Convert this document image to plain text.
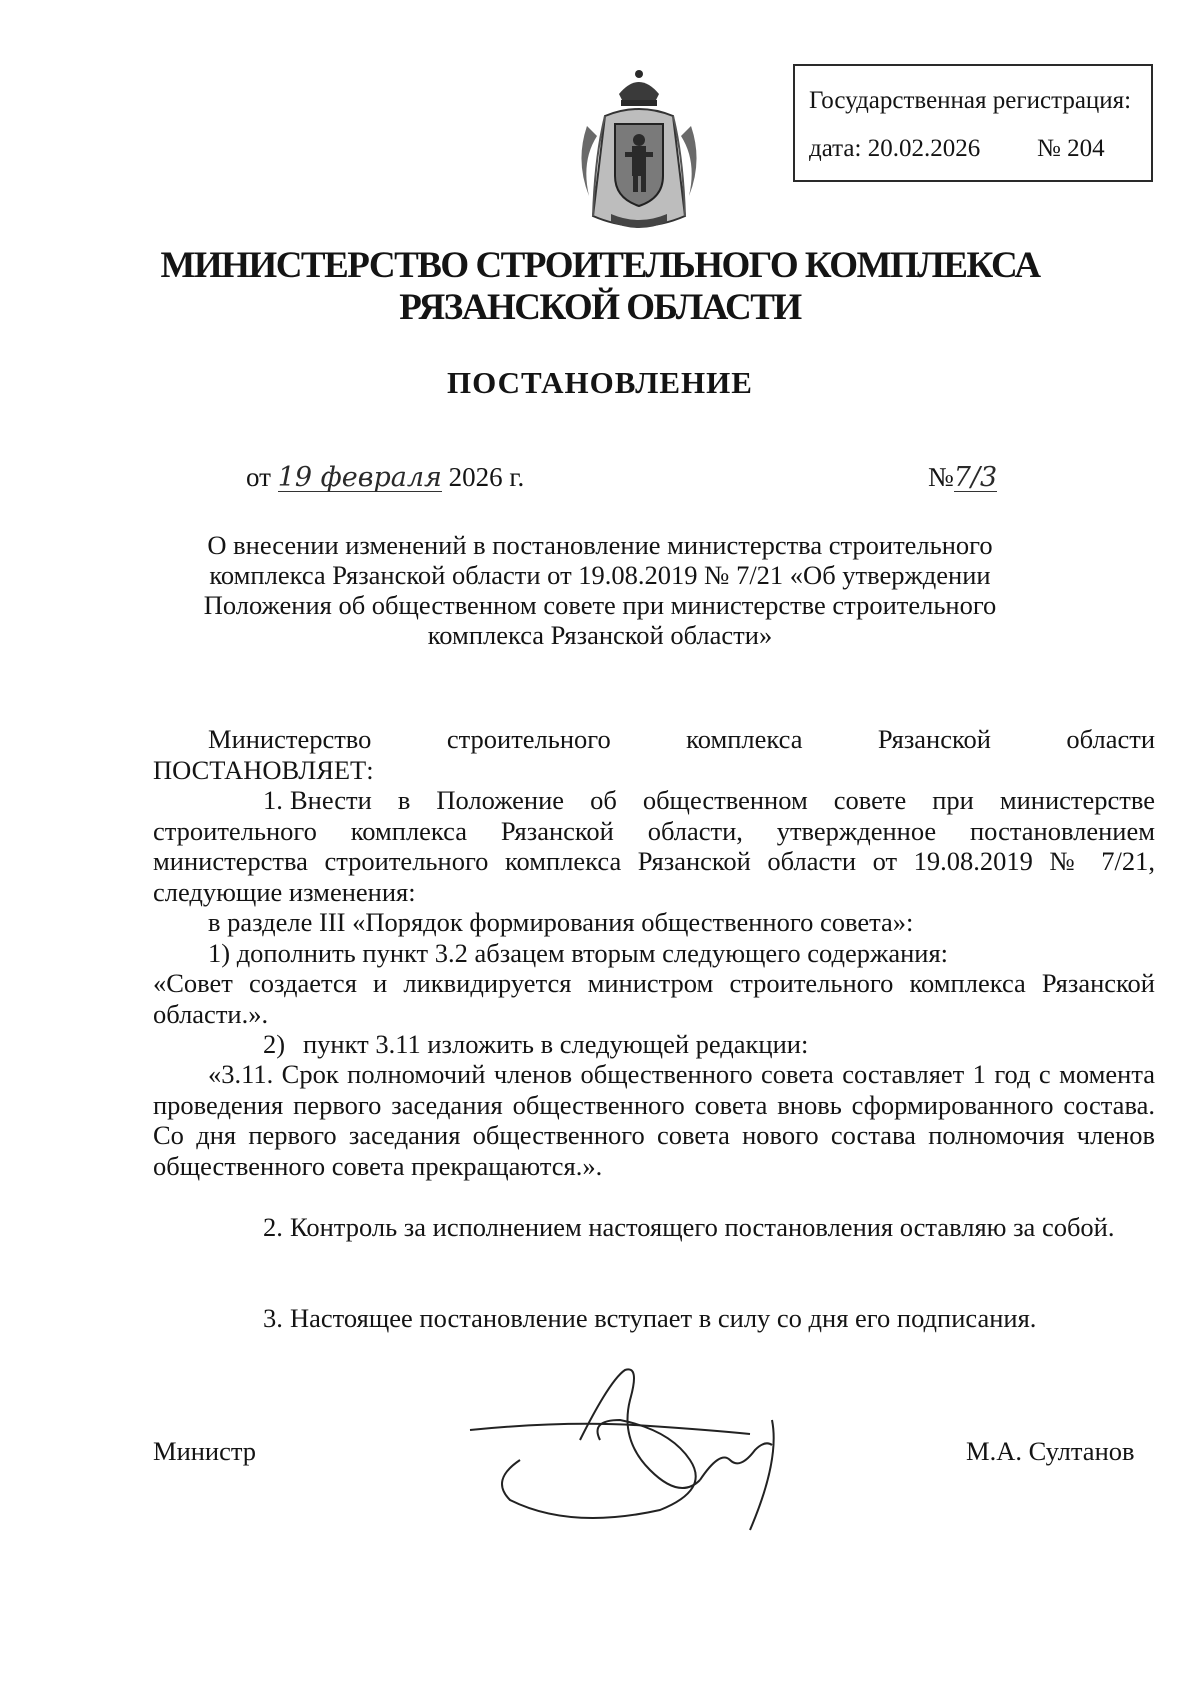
Государственная регистрация:
дата: 20.02.2026 № 204
МИНИСТЕРСТВО СТРОИТЕЛЬНОГО КОМПЛЕКСА
РЯЗАНСКОЙ ОБЛАСТИ
ПОСТАНОВЛЕНИЕ
от 19 февраля 2026 г.	№7/3
О внесении изменений в постановление министерства строительного комплекса Рязанской области от 19.08.2019 № 7/21 «Об утверждении Положения об общественном совете при министерстве строительного комплекса Рязанской области»

Министерство строительного комплекса Рязанской области

ПОСТАНОВЛЯЕТ:

1. Внести в Положение об общественном совете при министерстве строительного комплекса Рязанской области, утвержденное постановлением министерства строительного комплекса Рязанской области от 19.08.2019 № 7/21, следующие изменения:

в разделе III «Порядок формирования общественного совета»:

1) дополнить пункт 3.2 абзацем вторым следующего содержания:

«Совет создается и ликвидируется министром строительного комплекса Рязанской области.».

2) пункт 3.11 изложить в следующей редакции:

«3.11. Срок полномочий членов общественного совета составляет 1 год с момента проведения первого заседания общественного совета вновь сформированного состава. Со дня первого заседания общественного совета нового состава полномочия членов общественного совета прекращаются.».

2. Контроль за исполнением настоящего постановления оставляю за собой.

3. Настоящее постановление вступает в силу со дня его подписания.

Министр	М.А. Султанов
